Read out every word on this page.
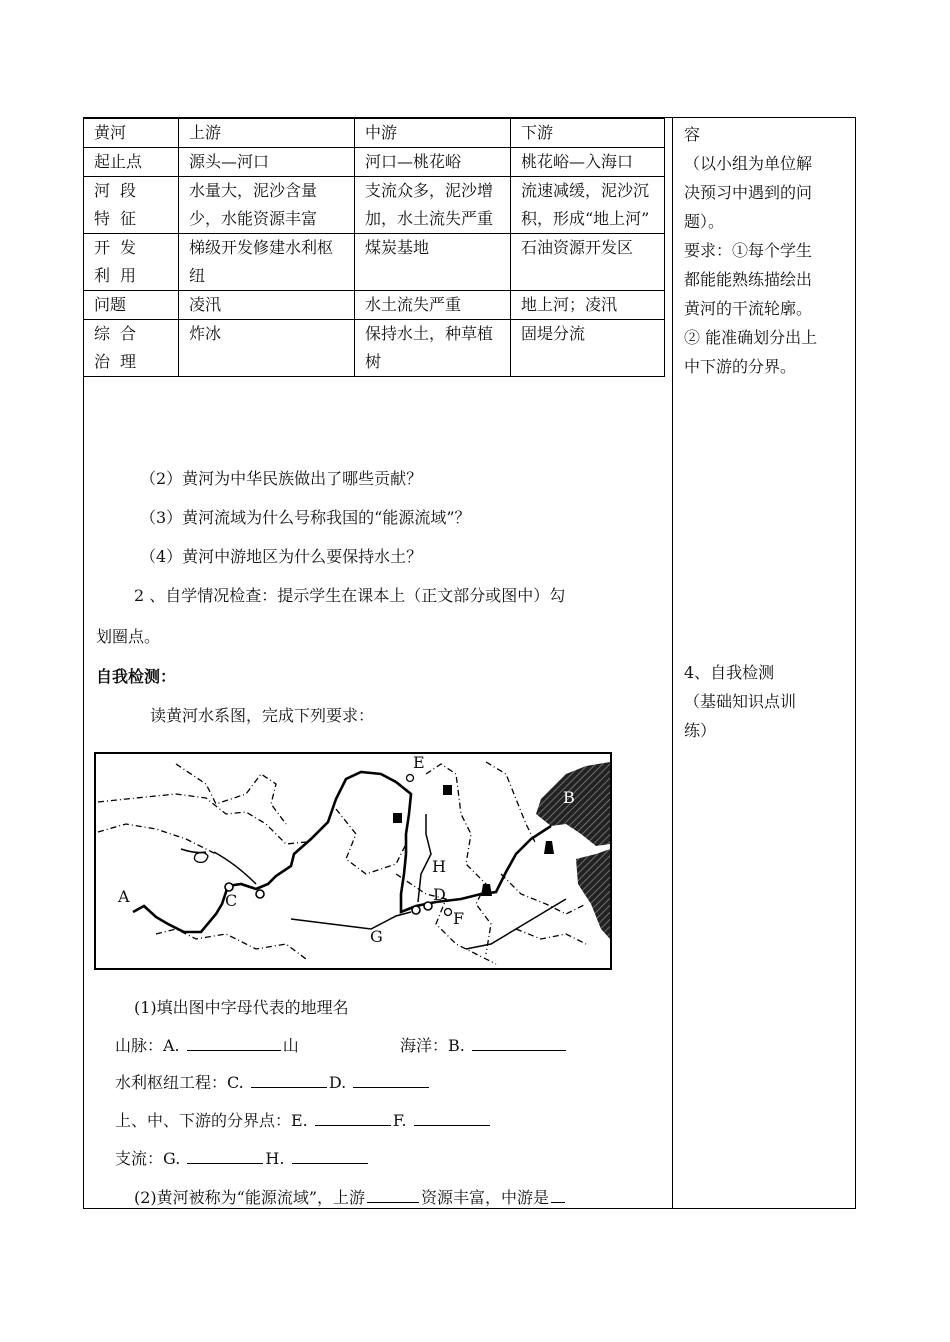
黄河	上游	中游	下游
起止点	源头—河口	河口—桃花峪	桃花峪—入海口
河段特征	水量大，泥沙含量少，水能资源丰富	支流众多，泥沙增加，水土流失严重	流速减缓，泥沙沉积，形成“地上河”
开发利用	梯级开发修建水利枢纽	煤炭基地	石油资源开发区
问题	凌汛	水土流失严重	地上河；凌汛
综合治理	炸冰	保持水土，种草植树	固堤分流
容
（以小组为单位解
决预习中遇到的问
题）。
要求：①每个学生
都能能熟练描绘出
黄河的干流轮廓。
② 能准确划分出上
中下游的分界。
4、自我检测
（基础知识点训
练）
（2）黄河为中华民族做出了哪些贡献？
（3）黄河流域为什么号称我国的“能源流域”？
（4）黄河中游地区为什么要保持水土？
2 、自学情况检查：提示学生在课本上（正文部分或图中）勾
划圈点。
自我检测：
读黄河水系图，完成下列要求：
A
B
C	D
E
F
G
H
(1)填出图中字母代表的地理名
山脉：A.	山	海洋：B.
水利枢纽工程：C.	D.
上、中、下游的分界点：E.	F.
支流：G.	H.
(2)黄河被称为“能源流域”，上游	资源丰富，中游是
